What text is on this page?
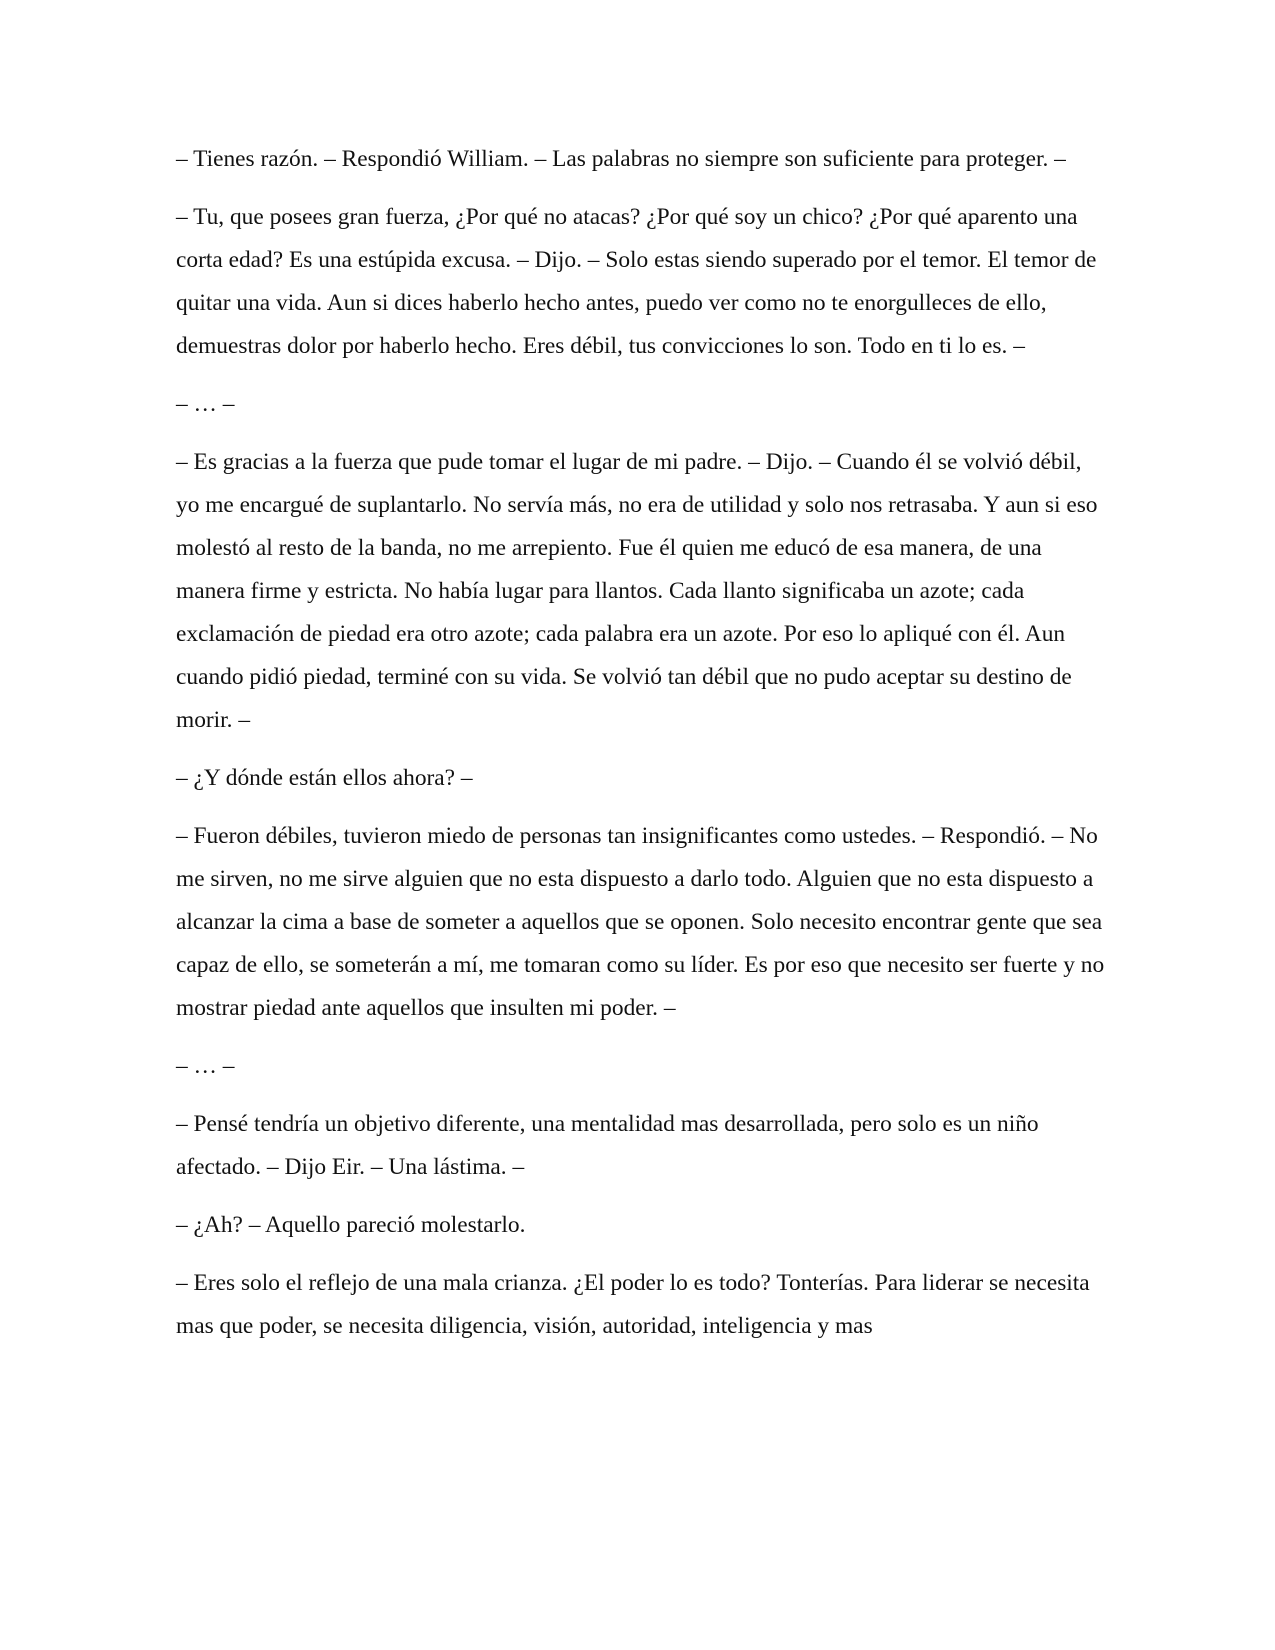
– Tienes razón. – Respondió William. – Las palabras no siempre son suficiente para proteger. –

– Tu, que posees gran fuerza, ¿Por qué no atacas? ¿Por qué soy un chico? ¿Por qué aparento una corta edad? Es una estúpida excusa. – Dijo. – Solo estas siendo superado por el temor. El temor de quitar una vida. Aun si dices haberlo hecho antes, puedo ver como no te enorgulleces de ello, demuestras dolor por haberlo hecho. Eres débil, tus convicciones lo son. Todo en ti lo es. –

– … –

– Es gracias a la fuerza que pude tomar el lugar de mi padre. – Dijo. – Cuando él se volvió débil, yo me encargué de suplantarlo. No servía más, no era de utilidad y solo nos retrasaba. Y aun si eso molestó al resto de la banda, no me arrepiento. Fue él quien me educó de esa manera, de una manera firme y estricta. No había lugar para llantos. Cada llanto significaba un azote; cada exclamación de piedad era otro azote; cada palabra era un azote. Por eso lo apliqué con él. Aun cuando pidió piedad, terminé con su vida. Se volvió tan débil que no pudo aceptar su destino de morir. –

– ¿Y dónde están ellos ahora? –

– Fueron débiles, tuvieron miedo de personas tan insignificantes como ustedes. – Respondió. – No me sirven, no me sirve alguien que no esta dispuesto a darlo todo. Alguien que no esta dispuesto a alcanzar la cima a base de someter a aquellos que se oponen. Solo necesito encontrar gente que sea capaz de ello, se someterán a mí, me tomaran como su líder. Es por eso que necesito ser fuerte y no mostrar piedad ante aquellos que insulten mi poder. –

– … –

– Pensé tendría un objetivo diferente, una mentalidad mas desarrollada, pero solo es un niño afectado. – Dijo Eir. – Una lástima. –

– ¿Ah? – Aquello pareció molestarlo.

– Eres solo el reflejo de una mala crianza. ¿El poder lo es todo? Tonterías. Para liderar se necesita mas que poder, se necesita diligencia, visión, autoridad, inteligencia y mas
